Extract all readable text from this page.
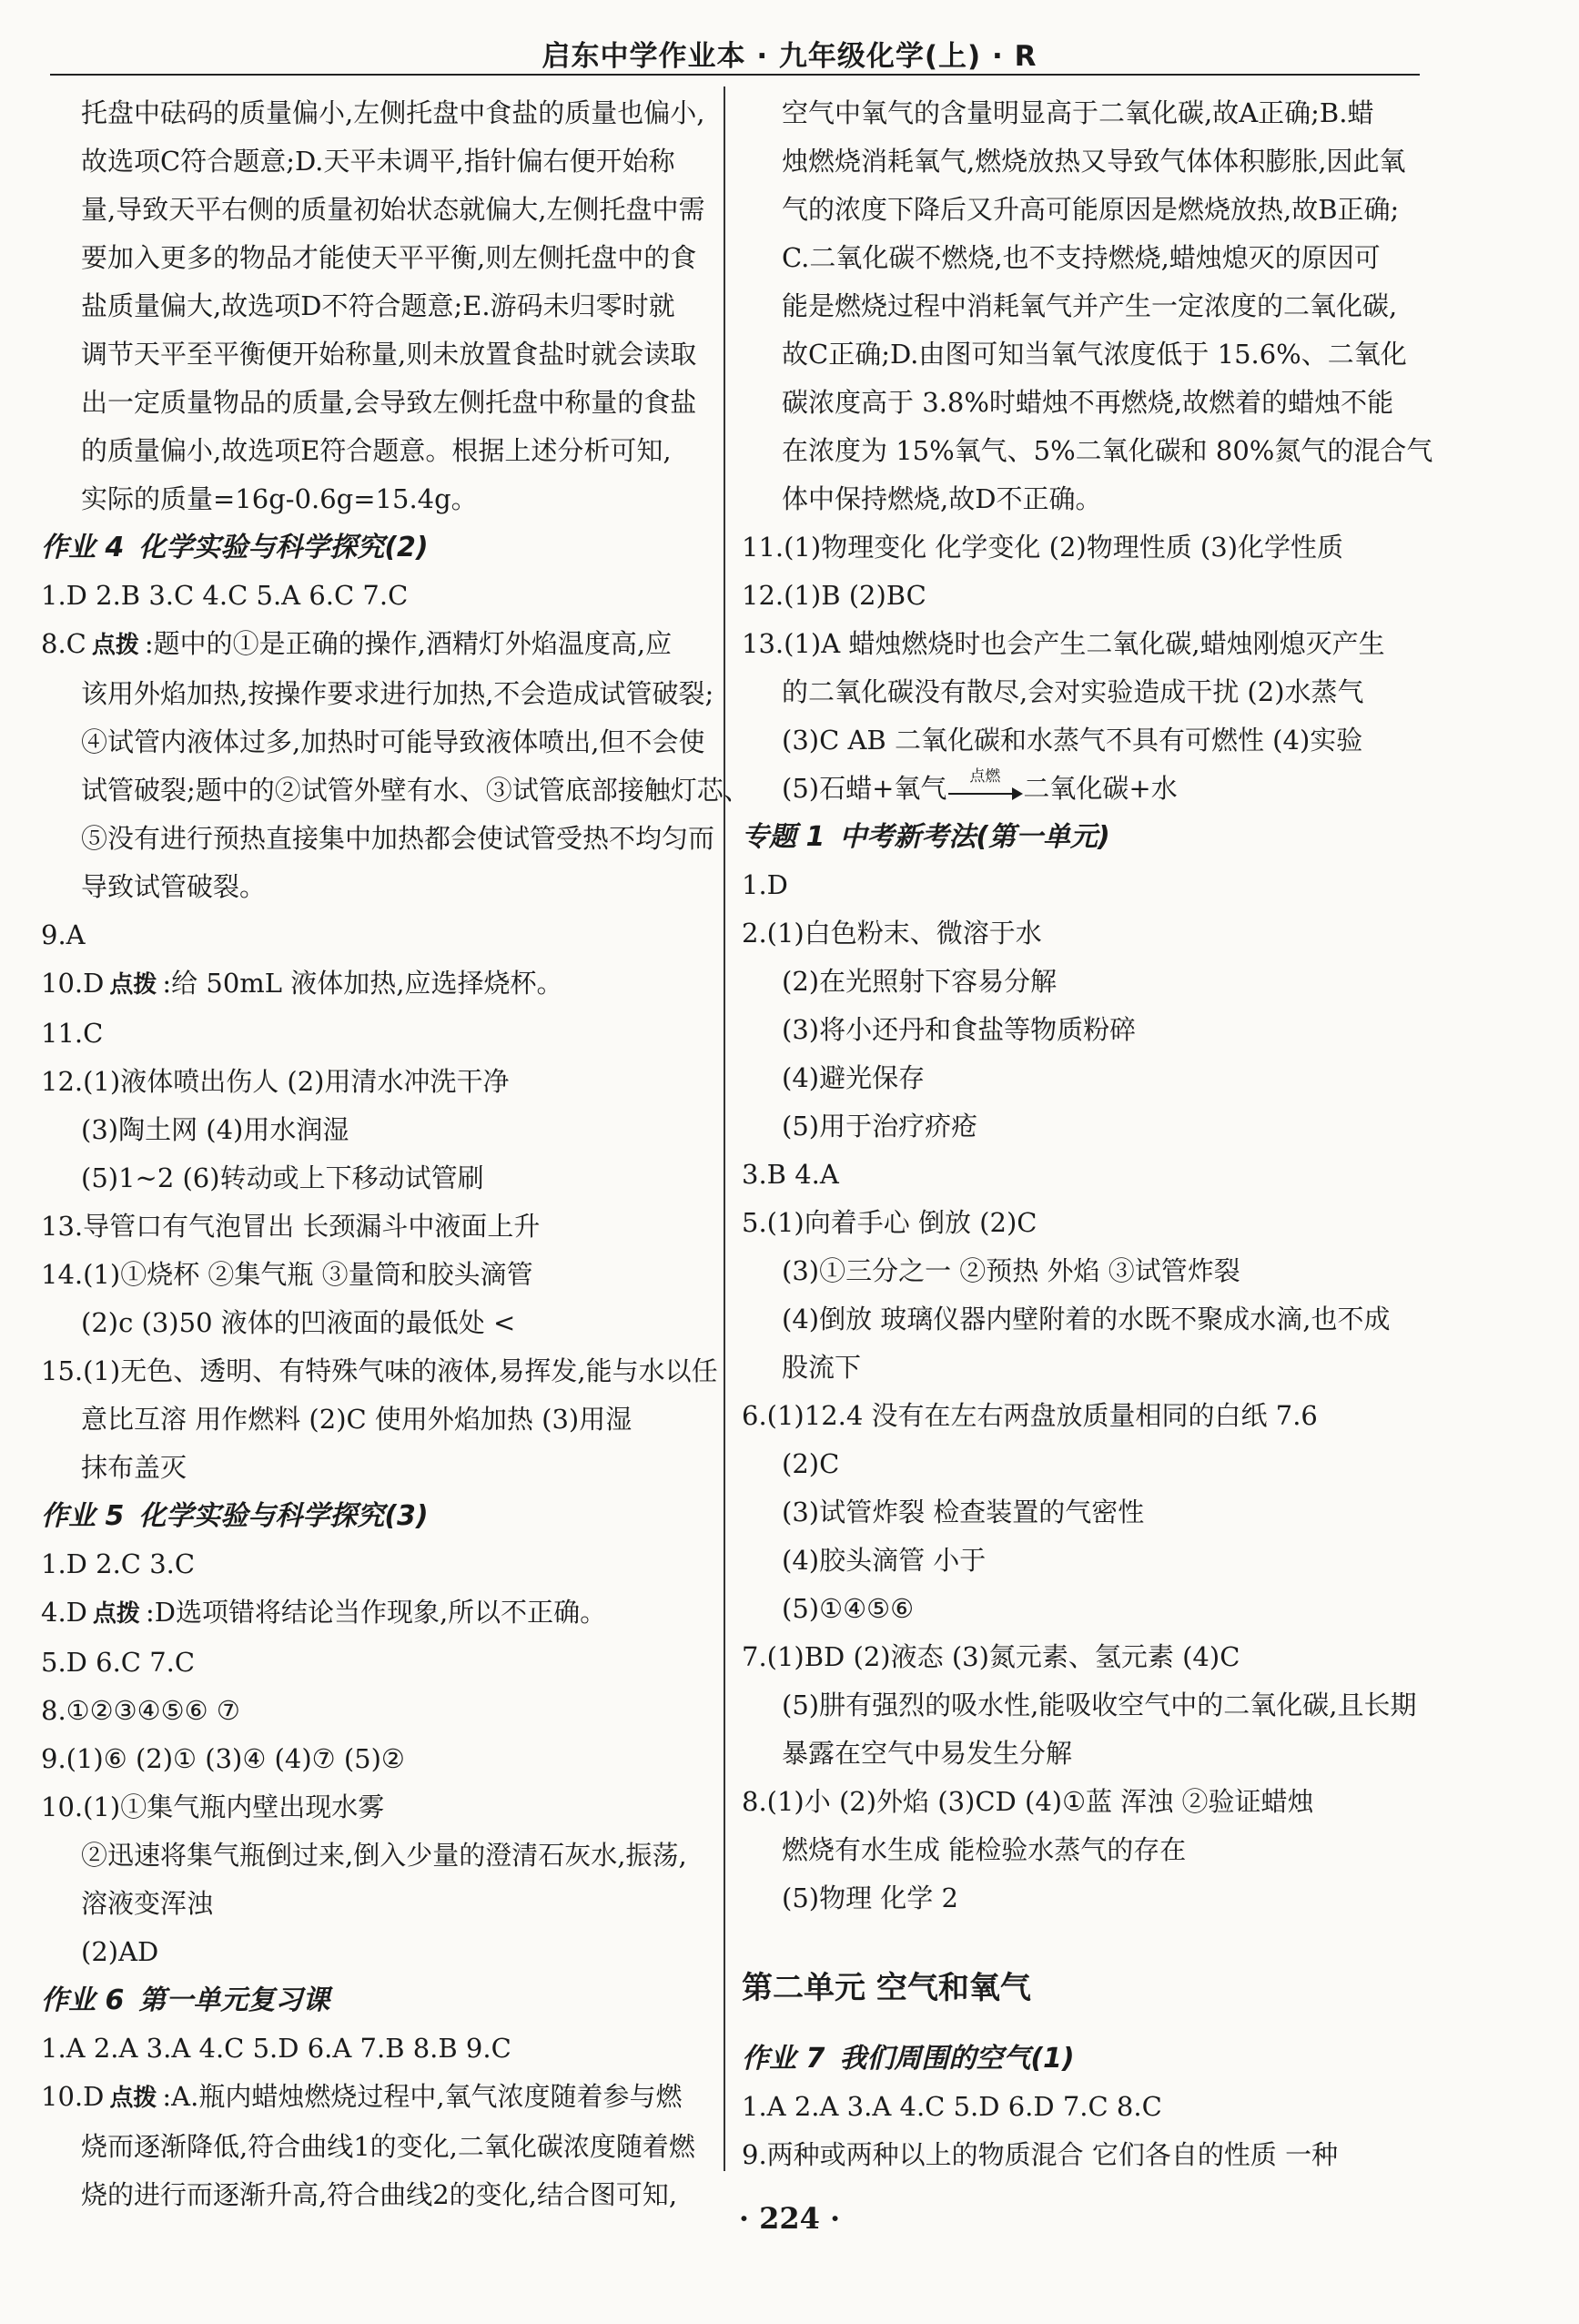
启东中学作业本 · 九年级化学(上) · R
托盘中砝码的质量偏小,左侧托盘中食盐的质量也偏小,
故选项C符合题意;D.天平未调平,指针偏右便开始称
量,导致天平右侧的质量初始状态就偏大,左侧托盘中需
要加入更多的物品才能使天平平衡,则左侧托盘中的食
盐质量偏大,故选项D不符合题意;E.游码未归零时就
调节天平至平衡便开始称量,则未放置食盐时就会读取
出一定质量物品的质量,会导致左侧托盘中称量的食盐
的质量偏小,故选项E符合题意。根据上述分析可知,
实际的质量=16g-0.6g=15.4g。
作业 4 化学实验与科学探究(2)
1.D 2.B 3.C 4.C 5.A 6.C 7.C
8.C 点拨 :题中的①是正确的操作,酒精灯外焰温度高,应
该用外焰加热,按操作要求进行加热,不会造成试管破裂;
④试管内液体过多,加热时可能导致液体喷出,但不会使
试管破裂;题中的②试管外壁有水、③试管底部接触灯芯、
⑤没有进行预热直接集中加热都会使试管受热不均匀而
导致试管破裂。
9.A
10.D 点拨 :给 50mL 液体加热,应选择烧杯。
11.C
12.(1)液体喷出伤人 (2)用清水冲洗干净
(3)陶土网 (4)用水润湿
(5)1~2 (6)转动或上下移动试管刷
13.导管口有气泡冒出 长颈漏斗中液面上升
14.(1)①烧杯 ②集气瓶 ③量筒和胶头滴管
(2)c (3)50 液体的凹液面的最低处 <
15.(1)无色、透明、有特殊气味的液体,易挥发,能与水以任
意比互溶 用作燃料 (2)C 使用外焰加热 (3)用湿
抹布盖灭
作业 5 化学实验与科学探究(3)
1.D 2.C 3.C
4.D 点拨 :D选项错将结论当作现象,所以不正确。
5.D 6.C 7.C
8.①②③④⑤⑥ ⑦
9.(1)⑥ (2)① (3)④ (4)⑦ (5)②
10.(1)①集气瓶内壁出现水雾
②迅速将集气瓶倒过来,倒入少量的澄清石灰水,振荡,
溶液变浑浊
(2)AD
作业 6 第一单元复习课
1.A 2.A 3.A 4.C 5.D 6.A 7.B 8.B 9.C
10.D 点拨 :A.瓶内蜡烛燃烧过程中,氧气浓度随着参与燃
烧而逐渐降低,符合曲线1的变化,二氧化碳浓度随着燃
烧的进行而逐渐升高,符合曲线2的变化,结合图可知,
空气中氧气的含量明显高于二氧化碳,故A正确;B.蜡
烛燃烧消耗氧气,燃烧放热又导致气体体积膨胀,因此氧
气的浓度下降后又升高可能原因是燃烧放热,故B正确;
C.二氧化碳不燃烧,也不支持燃烧,蜡烛熄灭的原因可
能是燃烧过程中消耗氧气并产生一定浓度的二氧化碳,
故C正确;D.由图可知当氧气浓度低于 15.6%、二氧化
碳浓度高于 3.8%时蜡烛不再燃烧,故燃着的蜡烛不能
在浓度为 15%氧气、5%二氧化碳和 80%氮气的混合气
体中保持燃烧,故D不正确。
11.(1)物理变化 化学变化 (2)物理性质 (3)化学性质
12.(1)B (2)BC
13.(1)A 蜡烛燃烧时也会产生二氧化碳,蜡烛刚熄灭产生
的二氧化碳没有散尽,会对实验造成干扰 (2)水蒸气
(3)C AB 二氧化碳和水蒸气不具有可燃性 (4)实验
(5)石蜡+氧气	点燃 二氧化碳+水
专题 1 中考新考法(第一单元)
1.D
2.(1)白色粉末、微溶于水
(2)在光照射下容易分解
(3)将小还丹和食盐等物质粉碎
(4)避光保存
(5)用于治疗疥疮
3.B 4.A
5.(1)向着手心 倒放 (2)C
(3)①三分之一 ②预热 外焰 ③试管炸裂
(4)倒放 玻璃仪器内壁附着的水既不聚成水滴,也不成
股流下
6.(1)12.4 没有在左右两盘放质量相同的白纸 7.6
(2)C
(3)试管炸裂 检查装置的气密性
(4)胶头滴管 小于
(5)①④⑤⑥
7.(1)BD (2)液态 (3)氮元素、氢元素 (4)C
(5)肼有强烈的吸水性,能吸收空气中的二氧化碳,且长期
暴露在空气中易发生分解
8.(1)小 (2)外焰 (3)CD (4)①蓝 浑浊 ②验证蜡烛
燃烧有水生成 能检验水蒸气的存在
(5)物理 化学 2
第二单元 空气和氧气
作业 7 我们周围的空气(1)
1.A 2.A 3.A 4.C 5.D 6.D 7.C 8.C
9.两种或两种以上的物质混合 它们各自的性质 一种
· 224 ·
